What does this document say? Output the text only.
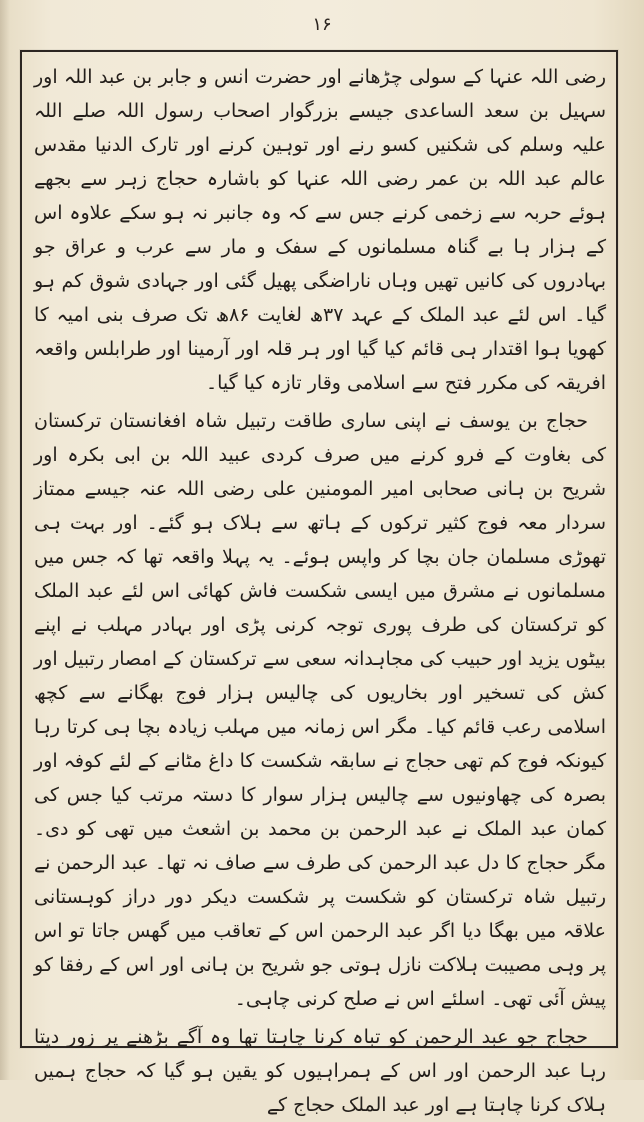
۱۶

رضی اللہ عنہا کے سولی چڑھانے اور حضرت انس و جابر بن عبد اللہ اور سہیل بن سعد الساعدی جیسے بزرگوار اصحاب رسول اللہ صلے اللہ علیہ وسلم کی شکنیں کسو رنے اور توہین کرنے اور تارک الدنیا مقدس عالم عبد اللہ بن عمر رضی اللہ عنہا کو باشارہ حجاج زہر سے بجھے ہوئے حربہ سے زخمی کرنے جس سے کہ وہ جانبر نہ ہو سکے علاوہ اس کے ہزار ہا بے گناہ مسلمانوں کے سفک و مار سے عرب و عراق جو بہادروں کی کانیں تھیں وہاں ناراضگی پھیل گئی اور جہادی شوق کم ہو گیا۔ اس لئے عبد الملک کے عہد ۳۷ھ لغایت ۸۶ھ تک صرف بنی امیہ کا کھویا ہوا اقتدار ہی قائم کیا گیا اور ہر قلہ اور آرمینا اور طرابلس واقعہ افریقہ کی مکرر فتح سے اسلامی وقار تازہ کیا گیا۔

حجاج بن یوسف نے اپنی ساری طاقت رتبیل شاہ افغانستان ترکستان کی بغاوت کے فرو کرنے میں صرف کردی عبید اللہ بن ابی بکرہ اور شریح بن ہانی صحابی امیر المومنین علی رضی اللہ عنہ جیسے ممتاز سردار معہ فوج کثیر ترکوں کے ہاتھ سے ہلاک ہو گئے۔ اور بہت ہی تھوڑی مسلمان جان بچا کر واپس ہوئے۔ یہ پہلا واقعہ تھا کہ جس میں مسلمانوں نے مشرق میں ایسی شکست فاش کھائی اس لئے عبد الملک کو ترکستان کی طرف پوری توجہ کرنی پڑی اور بہادر مہلب نے اپنے بیٹوں یزید اور حبیب کی مجاہدانہ سعی سے ترکستان کے امصار رتبیل اور کش کی تسخیر اور بخاریوں کی چالیس ہزار فوج بھگانے سے کچھ اسلامی رعب قائم کیا۔ مگر اس زمانہ میں مہلب زیادہ بچا ہی کرتا رہا کیونکہ فوج کم تھی حجاج نے سابقہ شکست کا داغ مٹانے کے لئے کوفہ اور بصرہ کی چھاونیوں سے چالیس ہزار سوار کا دستہ مرتب کیا جس کی کمان عبد الملک نے عبد الرحمن بن محمد بن اشعث میں تھی کو دی۔ مگر حجاج کا دل عبد الرحمن کی طرف سے صاف نہ تھا۔ عبد الرحمن نے رتبیل شاہ ترکستان کو شکست پر شکست دیکر دور دراز کوہستانی علاقہ میں بھگا دیا اگر عبد الرحمن اس کے تعاقب میں گھس جاتا تو اس پر وہی مصیبت ہلاکت نازل ہوتی جو شریح بن ہانی اور اس کے رفقا کو پیش آئی تھی۔ اسلئے اس نے صلح کرنی چاہی۔

حجاج جو عبد الرحمن کو تباہ کرنا چاہتا تھا وہ آگے بڑھنے پر زور دیتا رہا عبد الرحمن اور اس کے ہمراہیوں کو یقین ہو گیا کہ حجاج ہمیں ہلاک کرنا چاہتا ہے اور عبد الملک حجاج کے
